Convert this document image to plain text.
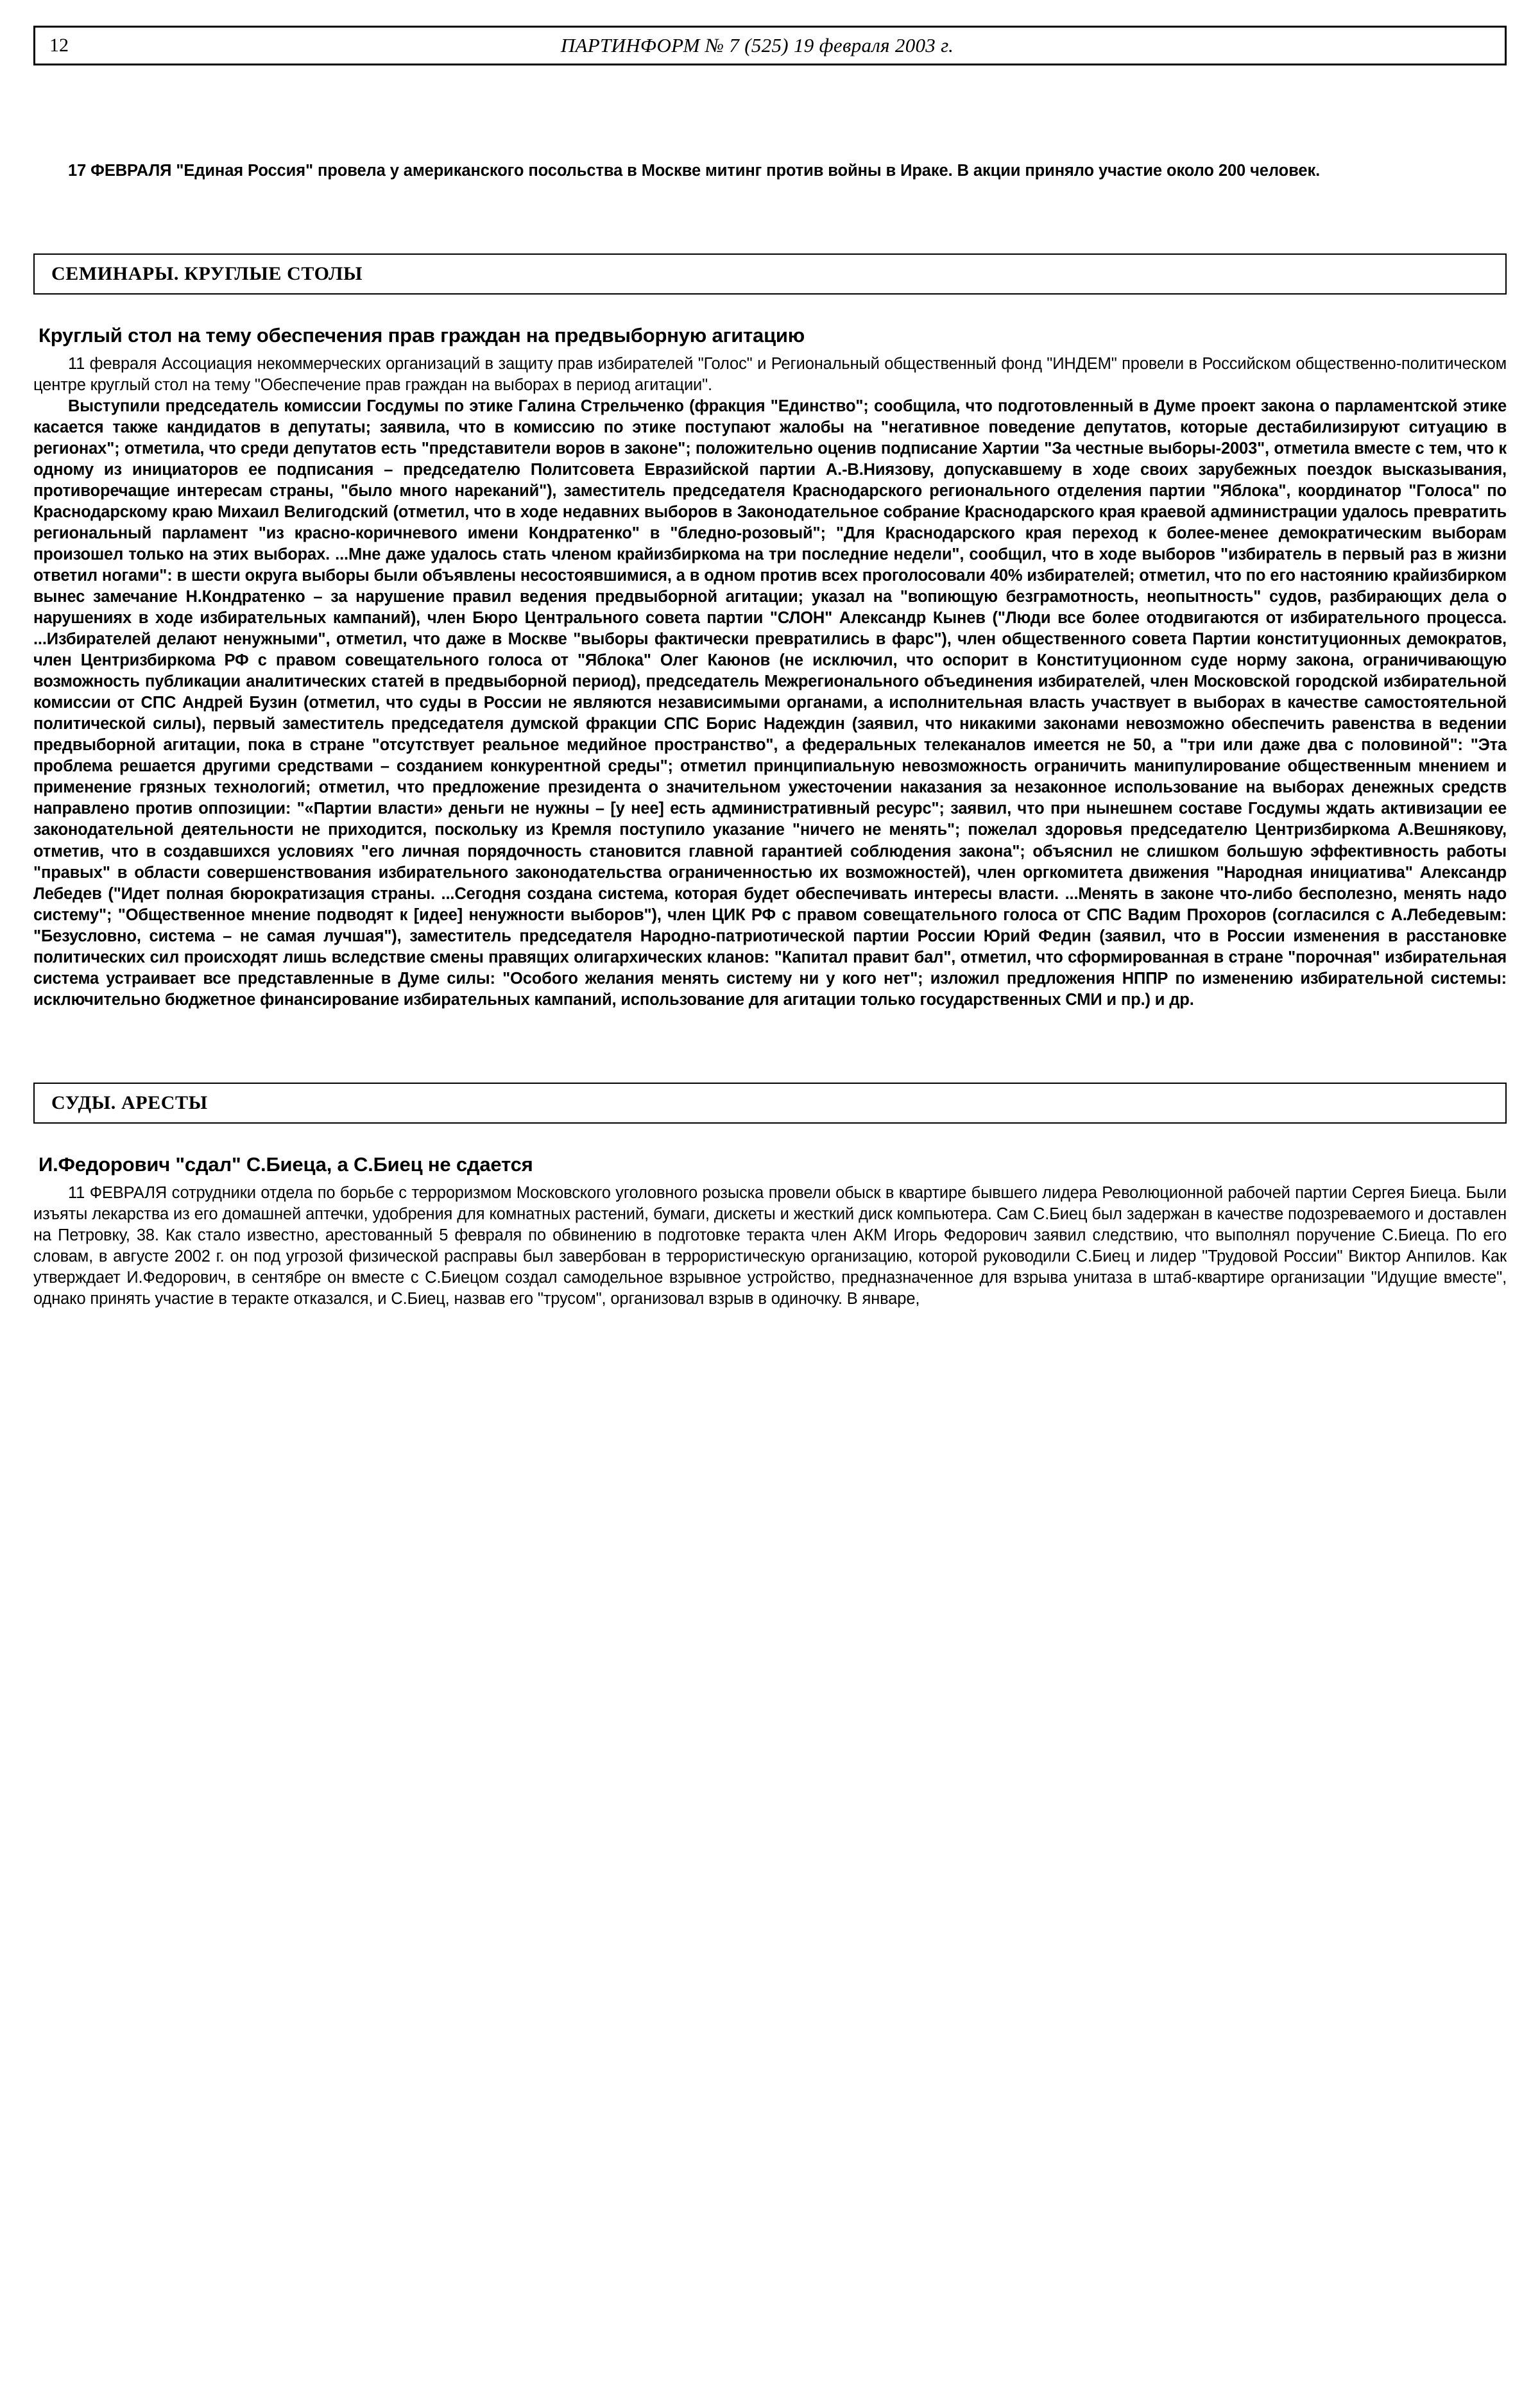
12	ПАРТИНФОРМ № 7 (525) 19 февраля 2003 г.

17 ФЕВРАЛЯ "Единая Россия" провела у американского посольства в Москве митинг против войны в Ираке. В акции приняло участие около 200 человек.

СЕМИНАРЫ. КРУГЛЫЕ СТОЛЫ
Круглый стол на тему обеспечения прав граждан на предвыборную агитацию

11 февраля Ассоциация некоммерческих организаций в защиту прав избирателей "Голос" и Региональный общественный фонд "ИНДЕМ" провели в Российском общественно-политическом центре круглый стол на тему "Обеспечение прав граждан на выборах в период агитации".

Выступили председатель комиссии Госдумы по этике Галина Стрельченко (фракция "Единство"; сообщила, что подготовленный в Думе проект закона о парламентской этике касается также кандидатов в депутаты; заявила, что в комиссию по этике поступают жалобы на "негативное поведение депутатов, которые дестабилизируют ситуацию в регионах"; отметила, что среди депутатов есть "представители воров в законе"; положительно оценив подписание Хартии "За честные выборы-2003", отметила вместе с тем, что к одному из инициаторов ее подписания – председателю Политсовета Евразийской партии А.-В.Ниязову, допускавшему в ходе своих зарубежных поездок высказывания, противоречащие интересам страны, "было много нареканий"), заместитель председателя Краснодарского регионального отделения партии "Яблока", координатор "Голоса" по Краснодарскому краю Михаил Велигодский (отметил, что в ходе недавних выборов в Законодательное собрание Краснодарского края краевой администрации удалось превратить региональный парламент "из красно-коричневого имени Кондратенко" в "бледно-розовый"; "Для Краснодарского края переход к более-менее демократическим выборам произошел только на этих выборах. ...Мне даже удалось стать членом крайизбиркома на три последние недели", сообщил, что в ходе выборов "избиратель в первый раз в жизни ответил ногами": в шести округа выборы были объявлены несостоявшимися, а в одном против всех проголосовали 40% избирателей; отметил, что по его настоянию крайизбирком вынес замечание Н.Кондратенко – за нарушение правил ведения предвыборной агитации; указал на "вопиющую безграмотность, неопытность" судов, разбирающих дела о нарушениях в ходе избирательных кампаний), член Бюро Центрального совета партии "СЛОН" Александр Кынев ("Люди все более отодвигаются от избирательного процесса. ...Избирателей делают ненужными", отметил, что даже в Москве "выборы фактически превратились в фарс"), член общественного совета Партии конституционных демократов, член Центризбиркома РФ с правом совещательного голоса от "Яблока" Олег Каюнов (не исключил, что оспорит в Конституционном суде норму закона, ограничивающую возможность публикации аналитических статей в предвыборной период), председатель Межрегионального объединения избирателей, член Московской городской избирательной комиссии от СПС Андрей Бузин (отметил, что суды в России не являются независимыми органами, а исполнительная власть участвует в выборах в качестве самостоятельной политической силы), первый заместитель председателя думской фракции СПС Борис Надеждин (заявил, что никакими законами невозможно обеспечить равенства в ведении предвыборной агитации, пока в стране "отсутствует реальное медийное пространство", а федеральных телеканалов имеется не 50, а "три или даже два с половиной": "Эта проблема решается другими средствами – созданием конкурентной среды"; отметил принципиальную невозможность ограничить манипулирование общественным мнением и применение грязных технологий; отметил, что предложение президента о значительном ужесточении наказания за незаконное использование на выборах денежных средств направлено против оппозиции: "«Партии власти» деньги не нужны – [у нее] есть административный ресурс"; заявил, что при нынешнем составе Госдумы ждать активизации ее законодательной деятельности не приходится, поскольку из Кремля поступило указание "ничего не менять"; пожелал здоровья председателю Центризбиркома А.Вешнякову, отметив, что в создавшихся условиях "его личная порядочность становится главной гарантией соблюдения закона"; объяснил не слишком большую эффективность работы "правых" в области совершенствования избирательного законодательства ограниченностью их возможностей), член оргкомитета движения "Народная инициатива" Александр Лебедев ("Идет полная бюрократизация страны. ...Сегодня создана система, которая будет обеспечивать интересы власти. ...Менять в законе что-либо бесполезно, менять надо систему"; "Общественное мнение подводят к [идее] ненужности выборов"), член ЦИК РФ с правом совещательного голоса от СПС Вадим Прохоров (согласился с А.Лебедевым: "Безусловно, система – не самая лучшая"), заместитель председателя Народно-патриотической партии России Юрий Федин (заявил, что в России изменения в расстановке политических сил происходят лишь вследствие смены правящих олигархических кланов: "Капитал правит бал", отметил, что сформированная в стране "порочная" избирательная система устраивает все представленные в Думе силы: "Особого желания менять систему ни у кого нет"; изложил предложения НППР по изменению избирательной системы: исключительно бюджетное финансирование избирательных кампаний, использование для агитации только государственных СМИ и пр.) и др.

СУДЫ. АРЕСТЫ
И.Федорович "сдал" С.Биеца, а С.Биец не сдается

11 ФЕВРАЛЯ сотрудники отдела по борьбе с терроризмом Московского уголовного розыска провели обыск в квартире бывшего лидера Революционной рабочей партии Сергея Биеца. Были изъяты лекарства из его домашней аптечки, удобрения для комнатных растений, бумаги, дискеты и жесткий диск компьютера. Сам С.Биец был задержан в качестве подозреваемого и доставлен на Петровку, 38. Как стало известно, арестованный 5 февраля по обвинению в подготовке теракта член АКМ Игорь Федорович заявил следствию, что выполнял поручение С.Биеца. По его словам, в августе 2002 г. он под угрозой физической расправы был завербован в террористическую организацию, которой руководили С.Биец и лидер "Трудовой России" Виктор Анпилов. Как утверждает И.Федорович, в сентябре он вместе с С.Биецом создал самодельное взрывное устройство, предназначенное для взрыва унитаза в штаб-квартире организации "Идущие вместе", однако принять участие в теракте отказался, и С.Биец, назвав его "трусом", организовал взрыв в одиночку. В январе,
